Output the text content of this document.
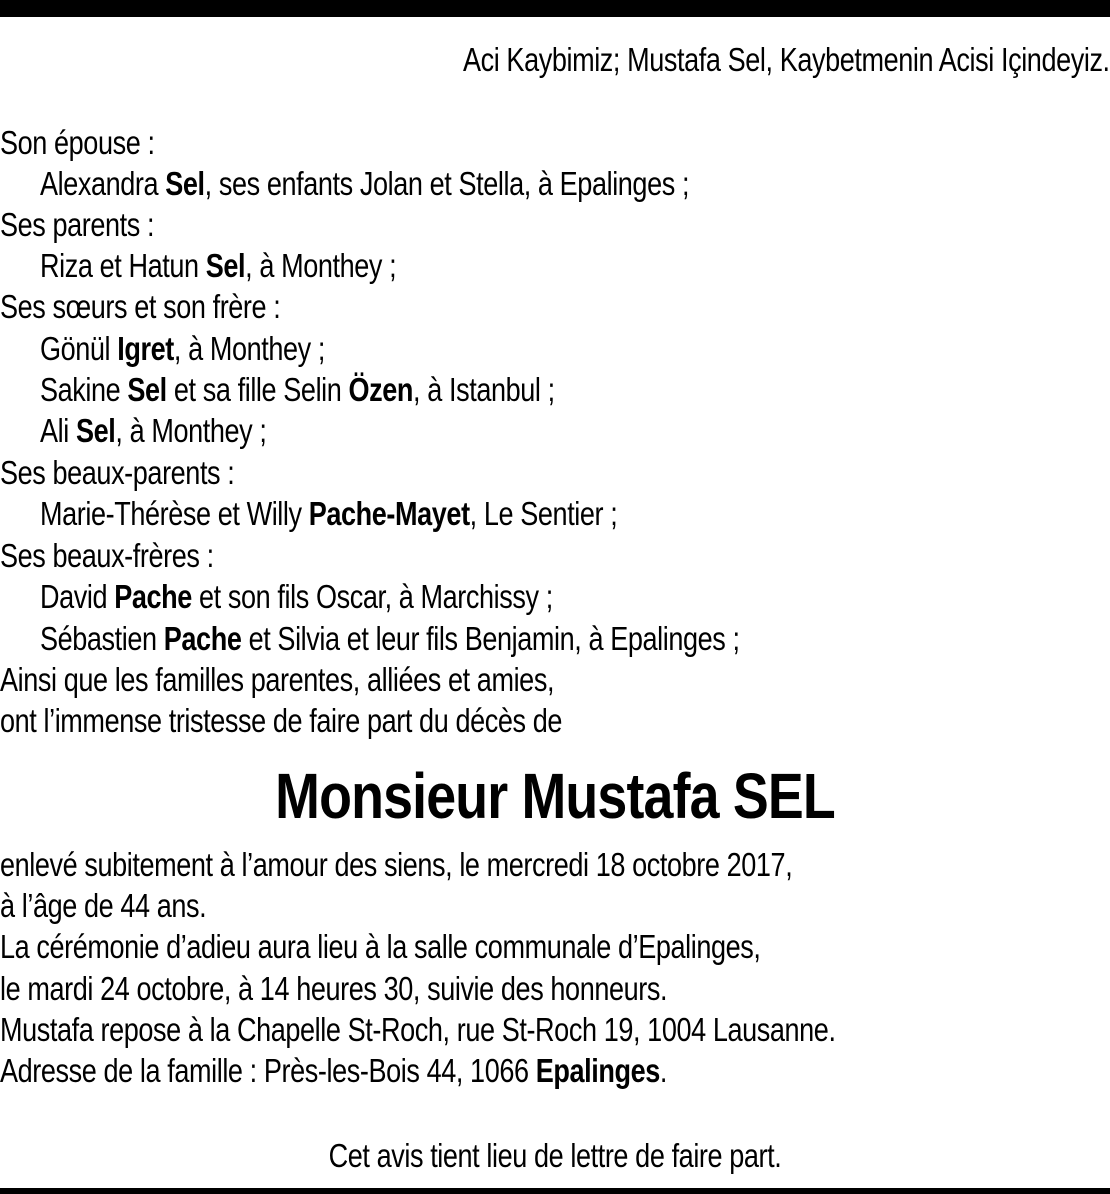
Aci Kaybimiz; Mustafa Sel, Kaybetmenin Acisi Içindeyiz.
Son épouse :
Alexandra Sel, ses enfants Jolan et Stella, à Epalinges ;
Ses parents :
Riza et Hatun Sel, à Monthey ;
Ses sœurs et son frère :
Gönül Igret, à Monthey ;
Sakine Sel et sa fille Selin Özen, à Istanbul ;
Ali Sel, à Monthey ;
Ses beaux-parents :
Marie-Thérèse et Willy Pache-Mayet, Le Sentier ;
Ses beaux-frères :
David Pache et son fils Oscar, à Marchissy ;
Sébastien Pache et Silvia et leur fils Benjamin, à Epalinges ;
Ainsi que les familles parentes, alliées et amies,
ont l’immense tristesse de faire part du décès de
Monsieur Mustafa SEL
enlevé subitement à l’amour des siens, le mercredi 18 octobre 2017,
à l’âge de 44 ans.
La cérémonie d’adieu aura lieu à la salle communale d’Epalinges,
le mardi 24 octobre, à 14 heures 30, suivie des honneurs.
Mustafa repose à la Chapelle St-Roch, rue St-Roch 19, 1004 Lausanne.
Adresse de la famille : Près-les-Bois 44, 1066 Epalinges.
Cet avis tient lieu de lettre de faire part.
